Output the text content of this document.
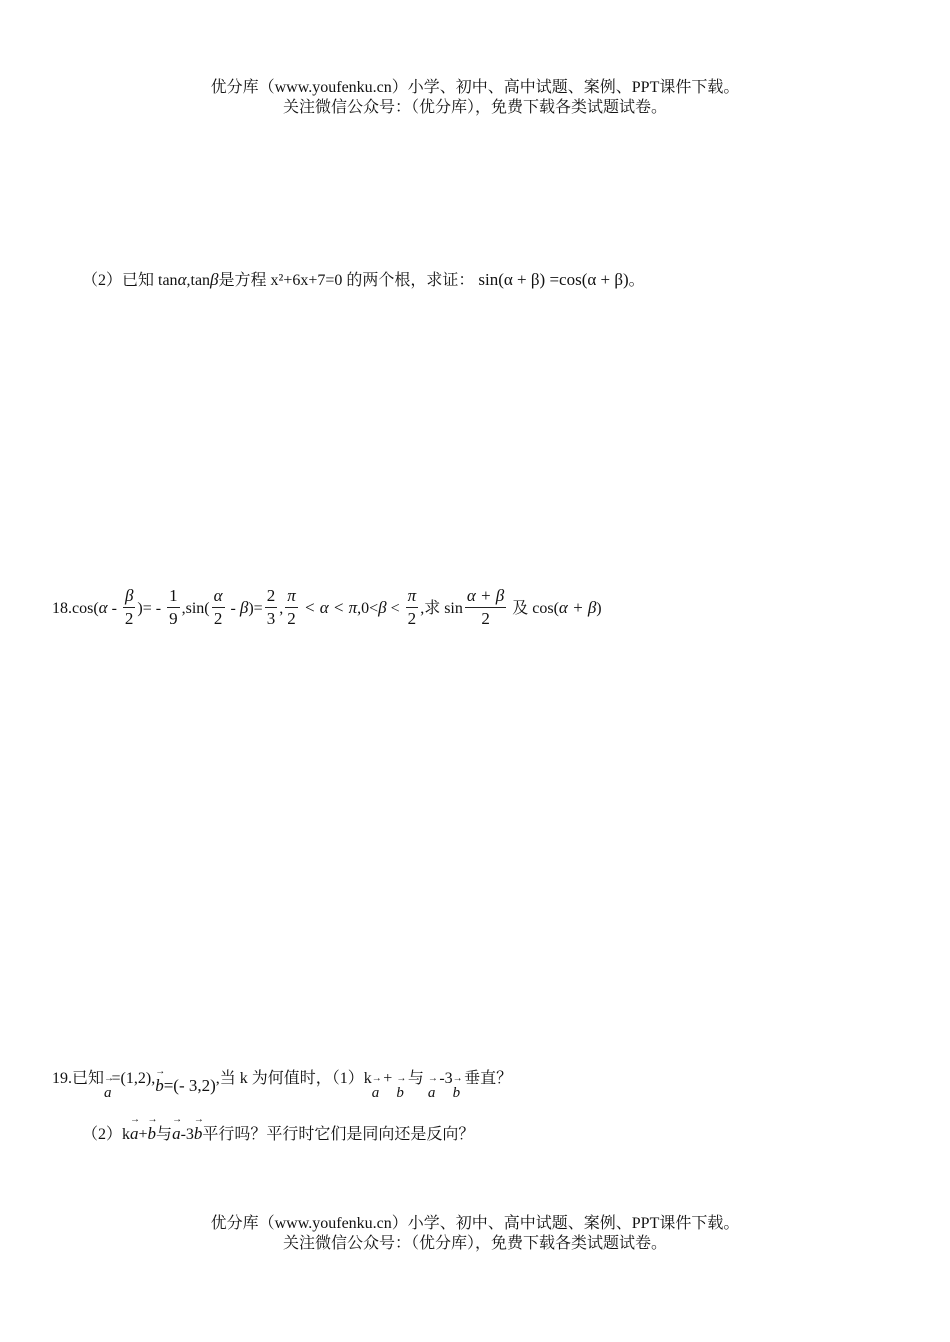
优分库（www.youfenku.cn）小学、初中、高中试题、案例、PPT课件下载。
关注微信公众号：（优分库），免费下载各类试题试卷。
（2）已知 tanα,tanβ是方程 x²+6x+7=0 的两个根，求证： sin(α + β) =cos(α + β)。
$18.\cos(\alpha - \frac{\beta}{2}$ )= - $\frac{1}{9} ,\sin( \frac{\alpha}{2} - \beta)= \frac{2}{3}$ , $\frac{\pi}{2} < \alpha < \pi,0<\beta < \frac{\pi}{2}$ ,求 $\sin \frac{\alpha + \beta}{2}$ 及 cos(α + β)
19.已知 →
a=(1,2), →
b=(- 3,2),当 k 为何值时，（1）k →
a + →
b 与 →
a -3 →
b 垂直？
（2）k
→
a+
→
b与
→
a-3
→
b平行吗？平行时它们是同向还是反向？
优分库（www.youfenku.cn）小学、初中、高中试题、案例、PPT课件下载。
关注微信公众号：（优分库），免费下载各类试题试卷。
